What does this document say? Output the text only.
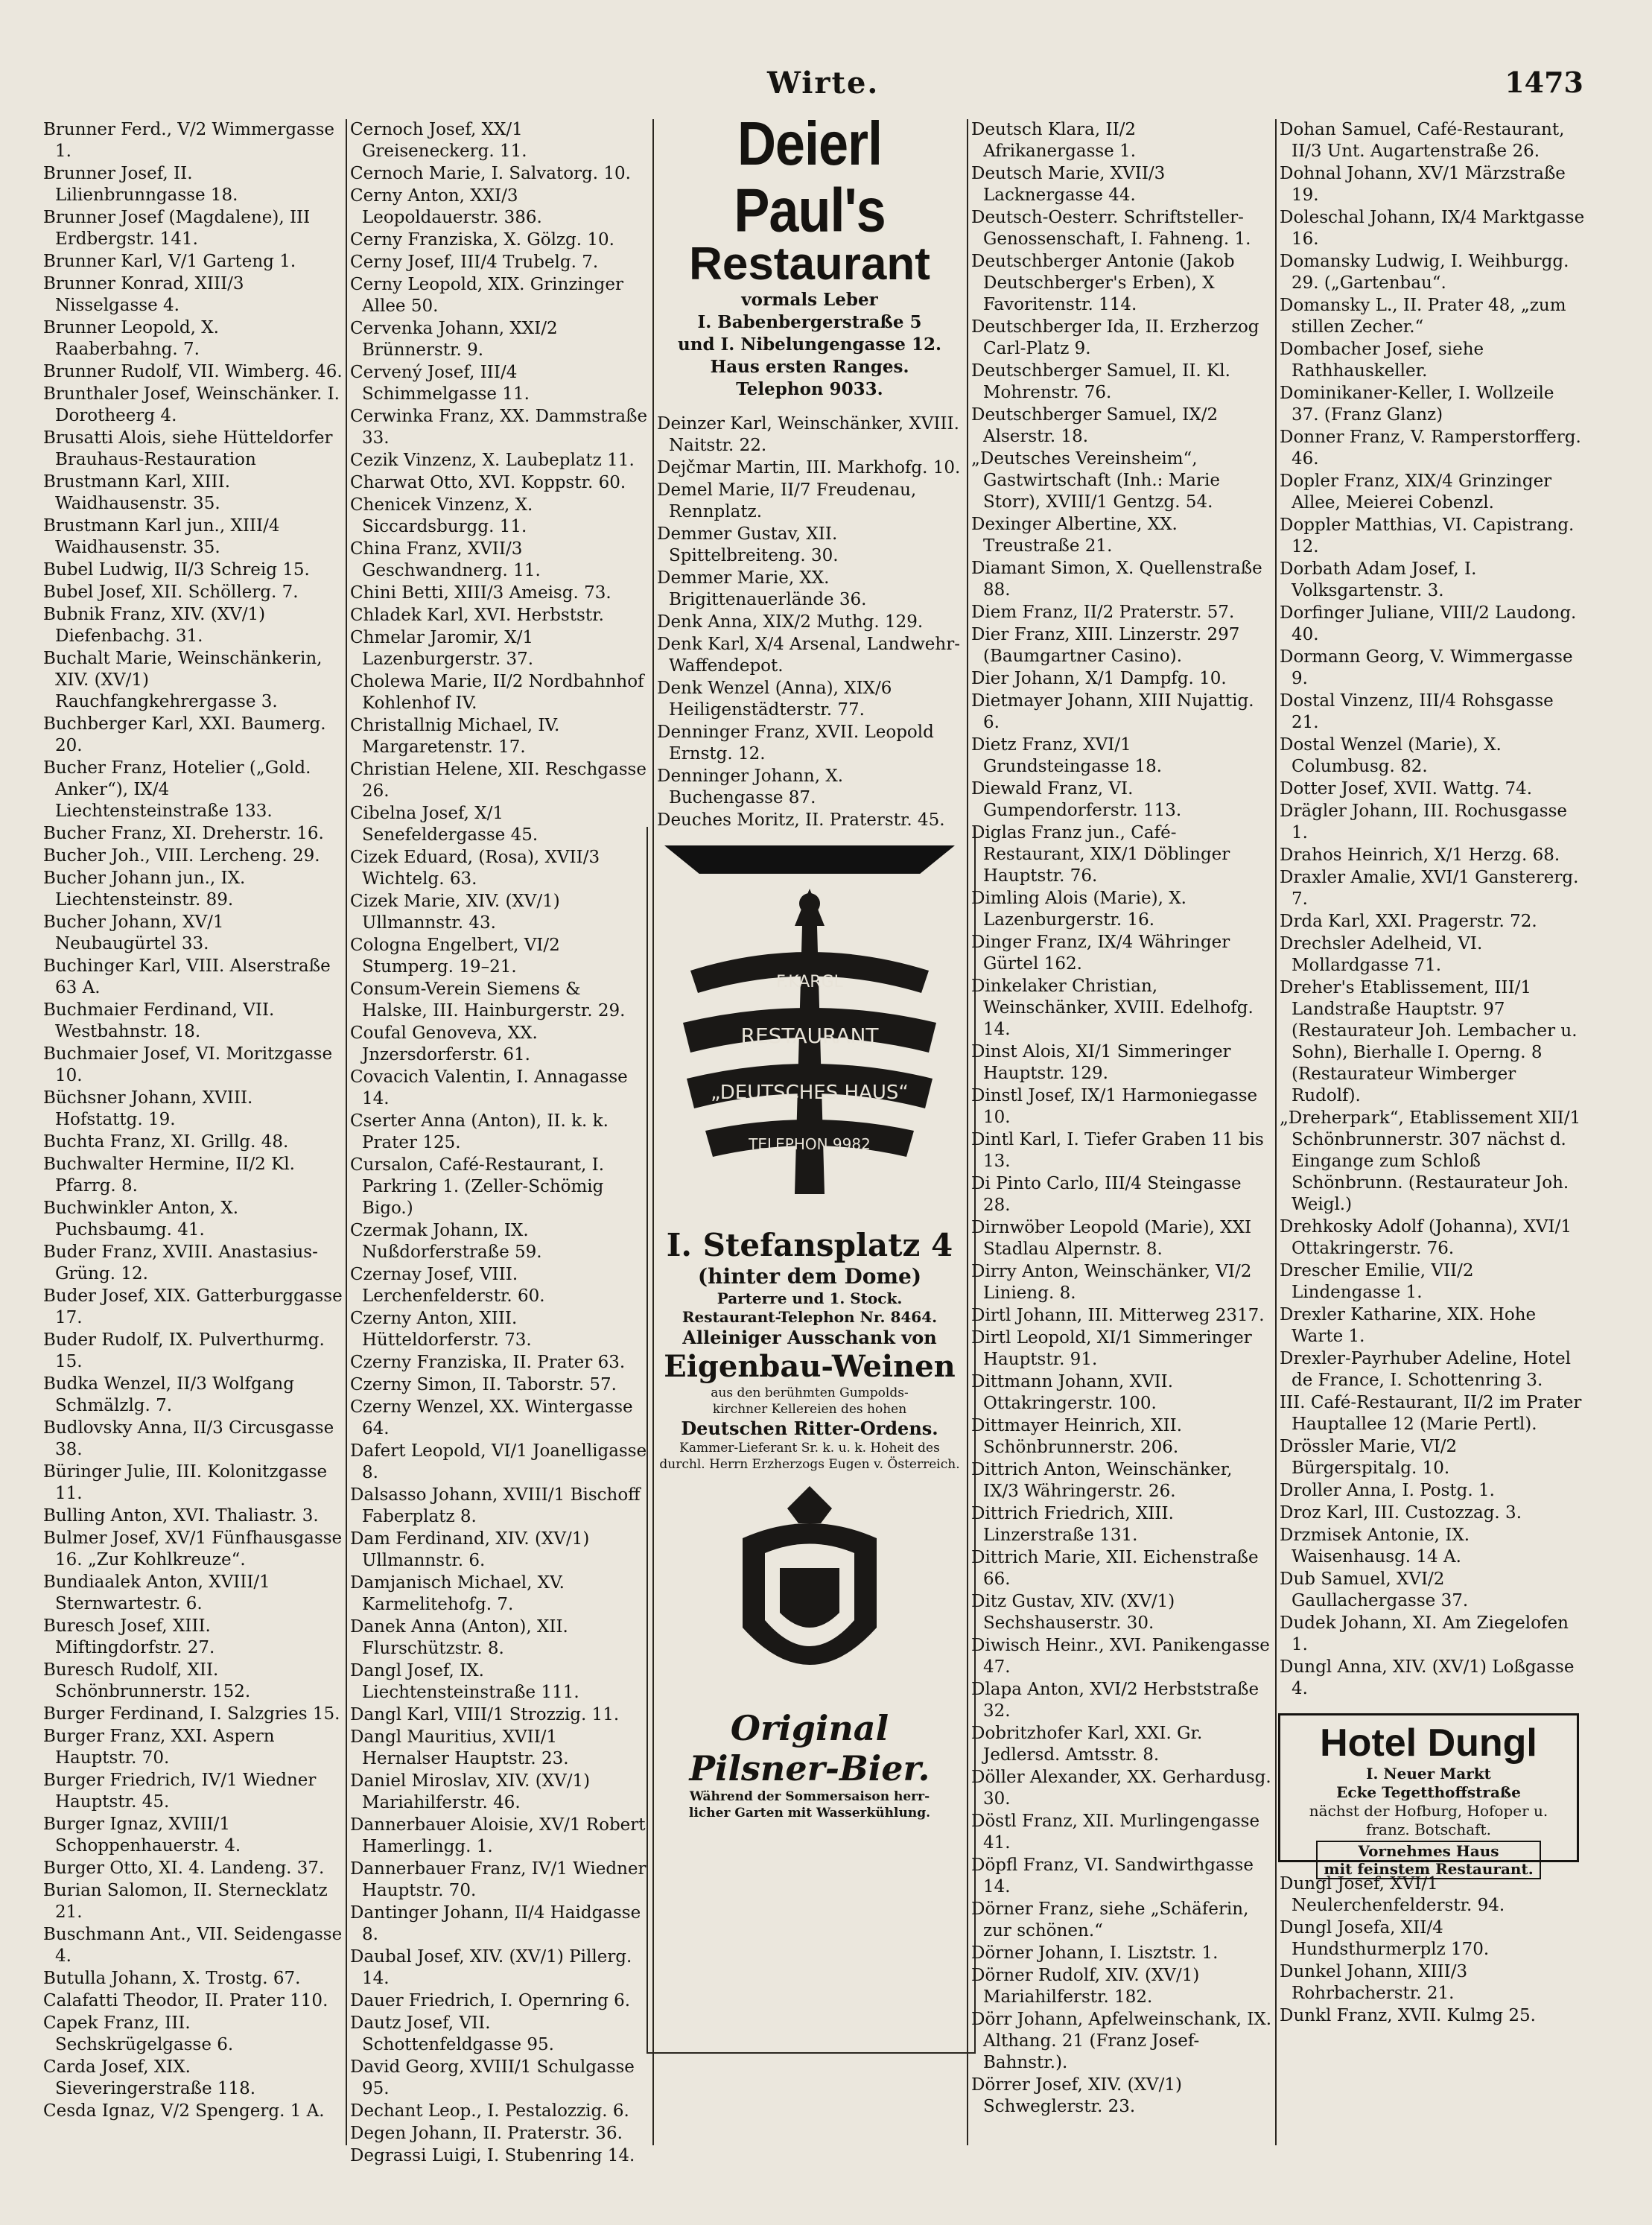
Wirte.	1473
Brunner Ferd., V/2 Wimmergasse 1.
Brunner Josef, II. Lilienbrunngasse 18.
Brunner Josef (Magdalene), III Erdbergstr. 141.
Brunner Karl, V/1 Garteng 1.
Brunner Konrad, XIII/3 Nisselgasse 4.
Brunner Leopold, X. Raaberbahng. 7.
Brunner Rudolf, VII. Wimberg. 46.
Brunthaler Josef, Weinschänker. I. Dorotheerg 4.
Brusatti Alois, siehe Hütteldorfer Brauhaus-Restauration
Brustmann Karl, XIII. Waidhausenstr. 35.
Brustmann Karl jun., XIII/4 Waidhausenstr. 35.
Bubel Ludwig, II/3 Schreig 15.
Bubel Josef, XII. Schöllerg. 7.
Bubnik Franz, XIV. (XV/1) Diefenbachg. 31.
Buchalt Marie, Weinschänkerin, XIV. (XV/1) Rauchfangkehrergasse 3.
Buchberger Karl, XXI. Baumerg. 20.
Bucher Franz, Hotelier („Gold. Anker“), IX/4 Liechtensteinstraße 133.
Bucher Franz, XI. Dreherstr. 16.
Bucher Joh., VIII. Lercheng. 29.
Bucher Johann jun., IX. Liechtensteinstr. 89.
Bucher Johann, XV/1 Neubaugürtel 33.
Buchinger Karl, VIII. Alserstraße 63 A.
Buchmaier Ferdinand, VII. Westbahnstr. 18.
Buchmaier Josef, VI. Moritzgasse 10.
Büchsner Johann, XVIII. Hofstattg. 19.
Buchta Franz, XI. Grillg. 48.
Buchwalter Hermine, II/2 Kl. Pfarrg. 8.
Buchwinkler Anton, X. Puchsbaumg. 41.
Buder Franz, XVIII. Anastasius-Grüng. 12.
Buder Josef, XIX. Gatterburggasse 17.
Buder Rudolf, IX. Pulverthurmg. 15.
Budka Wenzel, II/3 Wolfgang Schmälzlg. 7.
Budlovsky Anna, II/3 Circusgasse 38.
Büringer Julie, III. Kolonitzgasse 11.
Bulling Anton, XVI. Thaliastr. 3.
Bulmer Josef, XV/1 Fünfhausgasse 16. „Zur Kohlkreuze“.
Bundiaalek Anton, XVIII/1 Sternwartestr. 6.
Buresch Josef, XIII. Miftingdorfstr. 27.
Buresch Rudolf, XII. Schönbrunnerstr. 152.
Burger Ferdinand, I. Salzgries 15.
Burger Franz, XXI. Aspern Hauptstr. 70.
Burger Friedrich, IV/1 Wiedner Hauptstr. 45.
Burger Ignaz, XVIII/1 Schoppenhauerstr. 4.
Burger Otto, XI. 4. Landeng. 37.
Burian Salomon, II. Sternecklatz 21.
Buschmann Ant., VII. Seidengasse 4.
Butulla Johann, X. Trostg. 67.
Calafatti Theodor, II. Prater 110.
Capek Franz, III. Sechskrügelgasse 6.
Carda Josef, XIX. Sieveringerstraße 118.
Cesda Ignaz, V/2 Spengerg. 1 A.
Cernoch Josef, XX/1 Greiseneckerg. 11.
Cernoch Marie, I. Salvatorg. 10.
Cerny Anton, XXI/3 Leopoldauerstr. 386.
Cerny Franziska, X. Gölzg. 10.
Cerny Josef, III/4 Trubelg. 7.
Cerny Leopold, XIX. Grinzinger Allee 50.
Cervenka Johann, XXI/2 Brünnerstr. 9.
Cervený Josef, III/4 Schimmelgasse 11.
Cerwinka Franz, XX. Dammstraße 33.
Cezik Vinzenz, X. Laubeplatz 11.
Charwat Otto, XVI. Koppstr. 60.
Chenicek Vinzenz, X. Siccardsburgg. 11.
China Franz, XVII/3 Geschwandnerg. 11.
Chini Betti, XIII/3 Ameisg. 73.
Chladek Karl, XVI. Herbststr.
Chmelar Jaromir, X/1 Lazenburgerstr. 37.
Cholewa Marie, II/2 Nordbahnhof Kohlenhof IV.
Christallnig Michael, IV. Margaretenstr. 17.
Christian Helene, XII. Reschgasse 26.
Cibelna Josef, X/1 Senefeldergasse 45.
Cizek Eduard, (Rosa), XVII/3 Wichtelg. 63.
Cizek Marie, XIV. (XV/1) Ullmannstr. 43.
Cologna Engelbert, VI/2 Stumperg. 19–21.
Consum-Verein Siemens & Halske, III. Hainburgerstr. 29.
Coufal Genoveva, XX. Jnzersdorferstr. 61.
Covacich Valentin, I. Annagasse 14.
Cserter Anna (Anton), II. k. k. Prater 125.
Cursalon, Café-Restaurant, I. Parkring 1. (Zeller-Schömig Bigo.)
Czermak Johann, IX. Nußdorferstraße 59.
Czernay Josef, VIII. Lerchenfelderstr. 60.
Czerny Anton, XIII. Hütteldorferstr. 73.
Czerny Franziska, II. Prater 63.
Czerny Simon, II. Taborstr. 57.
Czerny Wenzel, XX. Wintergasse 64.
Dafert Leopold, VI/1 Joanelligasse 8.
Dalsasso Johann, XVIII/1 Bischoff Faberplatz 8.
Dam Ferdinand, XIV. (XV/1) Ullmannstr. 6.
Damjanisch Michael, XV. Karmelitehofg. 7.
Danek Anna (Anton), XII. Flurschützstr. 8.
Dangl Josef, IX. Liechtensteinstraße 111.
Dangl Karl, VIII/1 Strozzig. 11.
Dangl Mauritius, XVII/1 Hernalser Hauptstr. 23.
Daniel Miroslav, XIV. (XV/1) Mariahilferstr. 46.
Dannerbauer Aloisie, XV/1 Robert Hamerlingg. 1.
Dannerbauer Franz, IV/1 Wiedner Hauptstr. 70.
Dantinger Johann, II/4 Haidgasse 8.
Daubal Josef, XIV. (XV/1) Pillerg. 14.
Dauer Friedrich, I. Opernring 6.
Dautz Josef, VII. Schottenfeldgasse 95.
David Georg, XVIII/1 Schulgasse 95.
Dechant Leop., I. Pestalozzig. 6.
Degen Johann, II. Praterstr. 36.
Degrassi Luigi, I. Stubenring 14.
Deierl Paul's
Restaurant
vormals Leber
I. Babenbergerstraße 5
und I. Nibelungengasse 12.
Haus ersten Ranges.
Telephon 9033.
Deinzer Karl, Weinschänker, XVIII. Naitstr. 22.
Dejčmar Martin, III. Markhofg. 10.
Demel Marie, II/7 Freudenau, Rennplatz.
Demmer Gustav, XII. Spittelbreiteng. 30.
Demmer Marie, XX. Brigittenauerlände 36.
Denk Anna, XIX/2 Muthg. 129.
Denk Karl, X/4 Arsenal, Landwehr-Waffendepot.
Denk Wenzel (Anna), XIX/6 Heiligenstädterstr. 77.
Denninger Franz, XVII. Leopold Ernstg. 12.
Denninger Johann, X. Buchengasse 87.
Deuches Moritz, II. Praterstr. 45.
F.KARGL
RESTAURANT
„DEUTSCHES HAUS“
TELEPHON 9982
I. Stefansplatz 4
(hinter dem Dome)
Parterre und 1. Stock.
Restaurant-Telephon Nr. 8464.
Alleiniger Ausschank von
Eigenbau-Weinen
aus den berühmten Gumpolds-
kirchner Kellereien des hohen
Deutschen Ritter-Ordens.
Kammer-Lieferant Sr. k. u. k. Hoheit des
durchl. Herrn Erzherzogs Eugen v. Österreich.
Original
Pilsner-Bier.
Während der Sommersaison herr-
licher Garten mit Wasserkühlung.
Deutsch Klara, II/2 Afrikanergasse 1.
Deutsch Marie, XVII/3 Lacknergasse 44.
Deutsch-Oesterr. Schriftsteller-Genossenschaft, I. Fahneng. 1.
Deutschberger Antonie (Jakob Deutschberger's Erben), X Favoritenstr. 114.
Deutschberger Ida, II. Erzherzog Carl-Platz 9.
Deutschberger Samuel, II. Kl. Mohrenstr. 76.
Deutschberger Samuel, IX/2 Alserstr. 18.
„Deutsches Vereinsheim“, Gastwirtschaft (Inh.: Marie Storr), XVIII/1 Gentzg. 54.
Dexinger Albertine, XX. Treustraße 21.
Diamant Simon, X. Quellenstraße 88.
Diem Franz, II/2 Praterstr. 57.
Dier Franz, XIII. Linzerstr. 297 (Baumgartner Casino).
Dier Johann, X/1 Dampfg. 10.
Dietmayer Johann, XIII Nujattig. 6.
Dietz Franz, XVI/1 Grundsteingasse 18.
Diewald Franz, VI. Gumpendorferstr. 113.
Diglas Franz jun., Café-Restaurant, XIX/1 Döblinger Hauptstr. 76.
Dimling Alois (Marie), X. Lazenburgerstr. 16.
Dinger Franz, IX/4 Währinger Gürtel 162.
Dinkelaker Christian, Weinschänker, XVIII. Edelhofg. 14.
Dinst Alois, XI/1 Simmeringer Hauptstr. 129.
Dinstl Josef, IX/1 Harmoniegasse 10.
Dintl Karl, I. Tiefer Graben 11 bis 13.
Di Pinto Carlo, III/4 Steingasse 28.
Dirnwöber Leopold (Marie), XXI Stadlau Alpernstr. 8.
Dirry Anton, Weinschänker, VI/2 Linieng. 8.
Dirtl Johann, III. Mitterweg 2317.
Dirtl Leopold, XI/1 Simmeringer Hauptstr. 91.
Dittmann Johann, XVII. Ottakringerstr. 100.
Dittmayer Heinrich, XII. Schönbrunnerstr. 206.
Dittrich Anton, Weinschänker, IX/3 Währingerstr. 26.
Dittrich Friedrich, XIII. Linzerstraße 131.
Dittrich Marie, XII. Eichenstraße 66.
Ditz Gustav, XIV. (XV/1) Sechshauserstr. 30.
Diwisch Heinr., XVI. Panikengasse 47.
Dlapa Anton, XVI/2 Herbststraße 32.
Dobritzhofer Karl, XXI. Gr. Jedlersd. Amtsstr. 8.
Döller Alexander, XX. Gerhardusg. 30.
Döstl Franz, XII. Murlingengasse 41.
Döpfl Franz, VI. Sandwirthgasse 14.
Dörner Franz, siehe „Schäferin, zur schönen.“
Dörner Johann, I. Lisztstr. 1.
Dörner Rudolf, XIV. (XV/1) Mariahilferstr. 182.
Dörr Johann, Apfelweinschank, IX. Althang. 21 (Franz Josef-Bahnstr.).
Dörrer Josef, XIV. (XV/1) Schweglerstr. 23.
Dohan Samuel, Café-Restaurant, II/3 Unt. Augartenstraße 26.
Dohnal Johann, XV/1 Märzstraße 19.
Doleschal Johann, IX/4 Marktgasse 16.
Domansky Ludwig, I. Weihburgg. 29. („Gartenbau“.
Domansky L., II. Prater 48, „zum stillen Zecher.“
Dombacher Josef, siehe Rathhauskeller.
Dominikaner-Keller, I. Wollzeile 37. (Franz Glanz)
Donner Franz, V. Ramperstorfferg. 46.
Dopler Franz, XIX/4 Grinzinger Allee, Meierei Cobenzl.
Doppler Matthias, VI. Capistrang. 12.
Dorbath Adam Josef, I. Volksgartenstr. 3.
Dorfinger Juliane, VIII/2 Laudong. 40.
Dormann Georg, V. Wimmergasse 9.
Dostal Vinzenz, III/4 Rohsgasse 21.
Dostal Wenzel (Marie), X. Columbusg. 82.
Dotter Josef, XVII. Wattg. 74.
Drägler Johann, III. Rochusgasse 1.
Drahos Heinrich, X/1 Herzg. 68.
Draxler Amalie, XVI/1 Ganstererg. 7.
Drda Karl, XXI. Pragerstr. 72.
Drechsler Adelheid, VI. Mollardgasse 71.
Dreher's Etablissement, III/1 Landstraße Hauptstr. 97 (Restaurateur Joh. Lembacher u. Sohn), Bierhalle I. Operng. 8 (Restaurateur Wimberger Rudolf).
„Dreherpark“, Etablissement XII/1 Schönbrunnerstr. 307 nächst d. Eingange zum Schloß Schönbrunn. (Restaurateur Joh. Weigl.)
Drehkosky Adolf (Johanna), XVI/1 Ottakringerstr. 76.
Drescher Emilie, VII/2 Lindengasse 1.
Drexler Katharine, XIX. Hohe Warte 1.
Drexler-Payrhuber Adeline, Hotel de France, I. Schottenring 3.
III. Café-Restaurant, II/2 im Prater Hauptallee 12 (Marie Pertl).
Drössler Marie, VI/2 Bürgerspitalg. 10.
Droller Anna, I. Postg. 1.
Droz Karl, III. Custozzag. 3.
Drzmisek Antonie, IX. Waisenhausg. 14 A.
Dub Samuel, XVI/2 Gaullachergasse 37.
Dudek Johann, XI. Am Ziegelofen 1.
Dungl Anna, XIV. (XV/1) Loßgasse 4.
Hotel Dungl
I. Neuer Markt
Ecke Tegetthoffstraße
nächst der Hofburg, Hofoper u.
franz. Botschaft.
Vornehmes Haus
mit feinstem Restaurant.
Dungl Josef, XVI/1 Neulerchenfelderstr. 94.
Dungl Josefa, XII/4 Hundsthurmerplz 170.
Dunkel Johann, XIII/3 Rohrbacherstr. 21.
Dunkl Franz, XVII. Kulmg 25.
